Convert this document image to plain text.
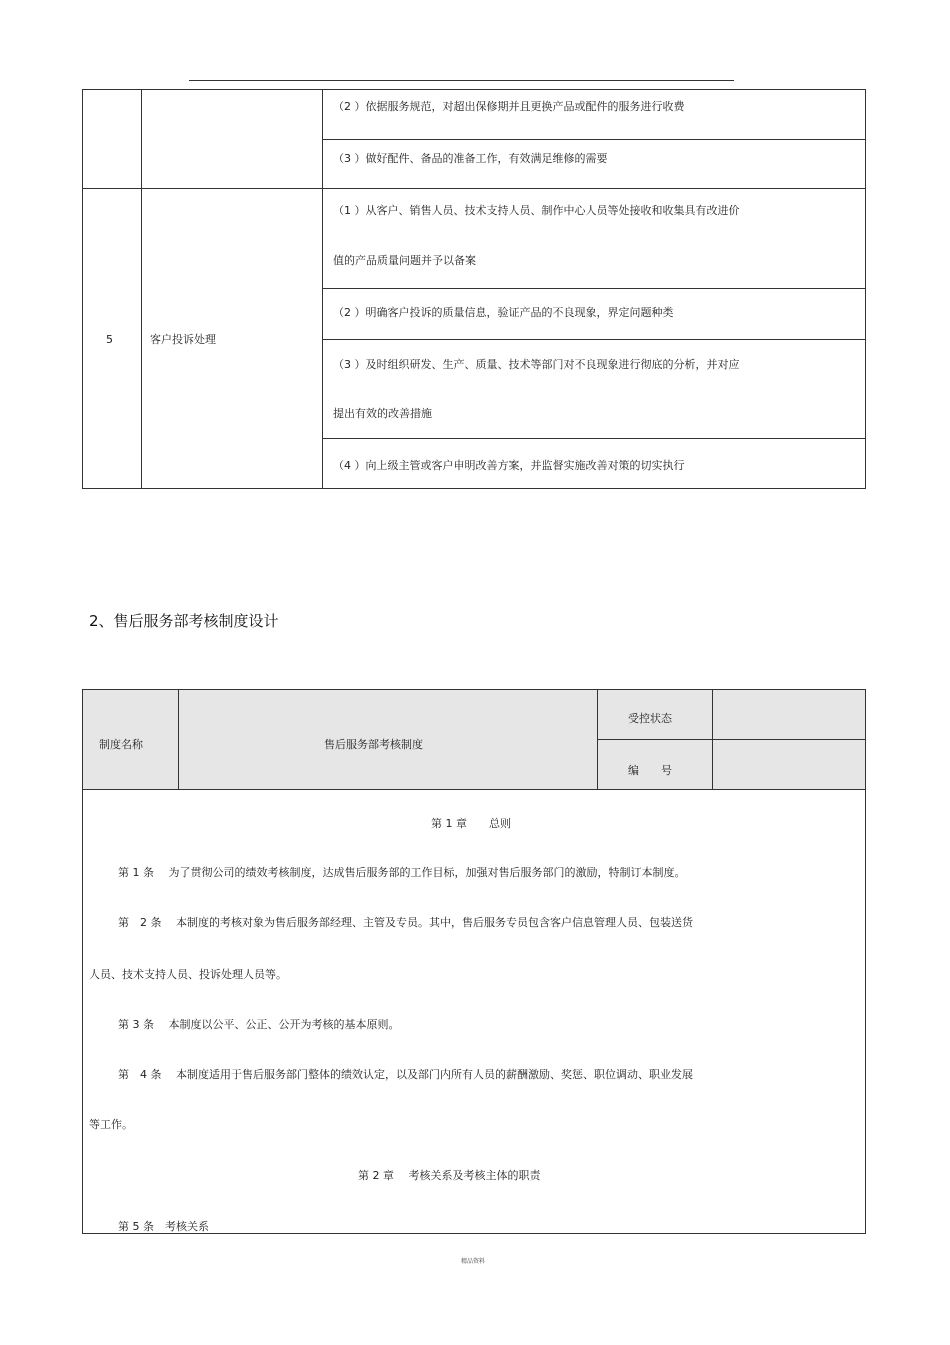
（2 ）依据服务规范，对超出保修期并且更换产品或配件的服务进行收费
（3 ）做好配件、备品的准备工作，有效满足维修的需要
5	客户投诉处理
（1 ）从客户、销售人员、技术支持人员、制作中心人员等处接收和收集具有改进价
值的产品质量问题并予以备案
（2 ）明确客户投诉的质量信息，验证产品的不良现象，界定问题种类
（3 ）及时组织研发、生产、质量、技术等部门对不良现象进行彻底的分析，并对应
提出有效的改善措施
（4 ）向上级主管或客户申明改善方案，并监督实施改善对策的切实执行
2、售后服务部考核制度设计
制度名称	售后服务部考核制度
受控状态
编　　号
第 1 章　　总则
第 1 条　 为了贯彻公司的绩效考核制度，达成售后服务部的工作目标，加强对售后服务部门的激励，特制订本制度。
第　2 条　 本制度的考核对象为售后服务部经理、主管及专员。其中，售后服务专员包含客户信息管理人员、包装送货
人员、技术支持人员、投诉处理人员等。
第 3 条　 本制度以公平、公正、公开为考核的基本原则。
第　4 条　 本制度适用于售后服务部门整体的绩效认定，以及部门内所有人员的薪酬激励、奖惩、职位调动、职业发展
等工作。
第 2 章　 考核关系及考核主体的职责
第 5 条　考核关系
精品资料
